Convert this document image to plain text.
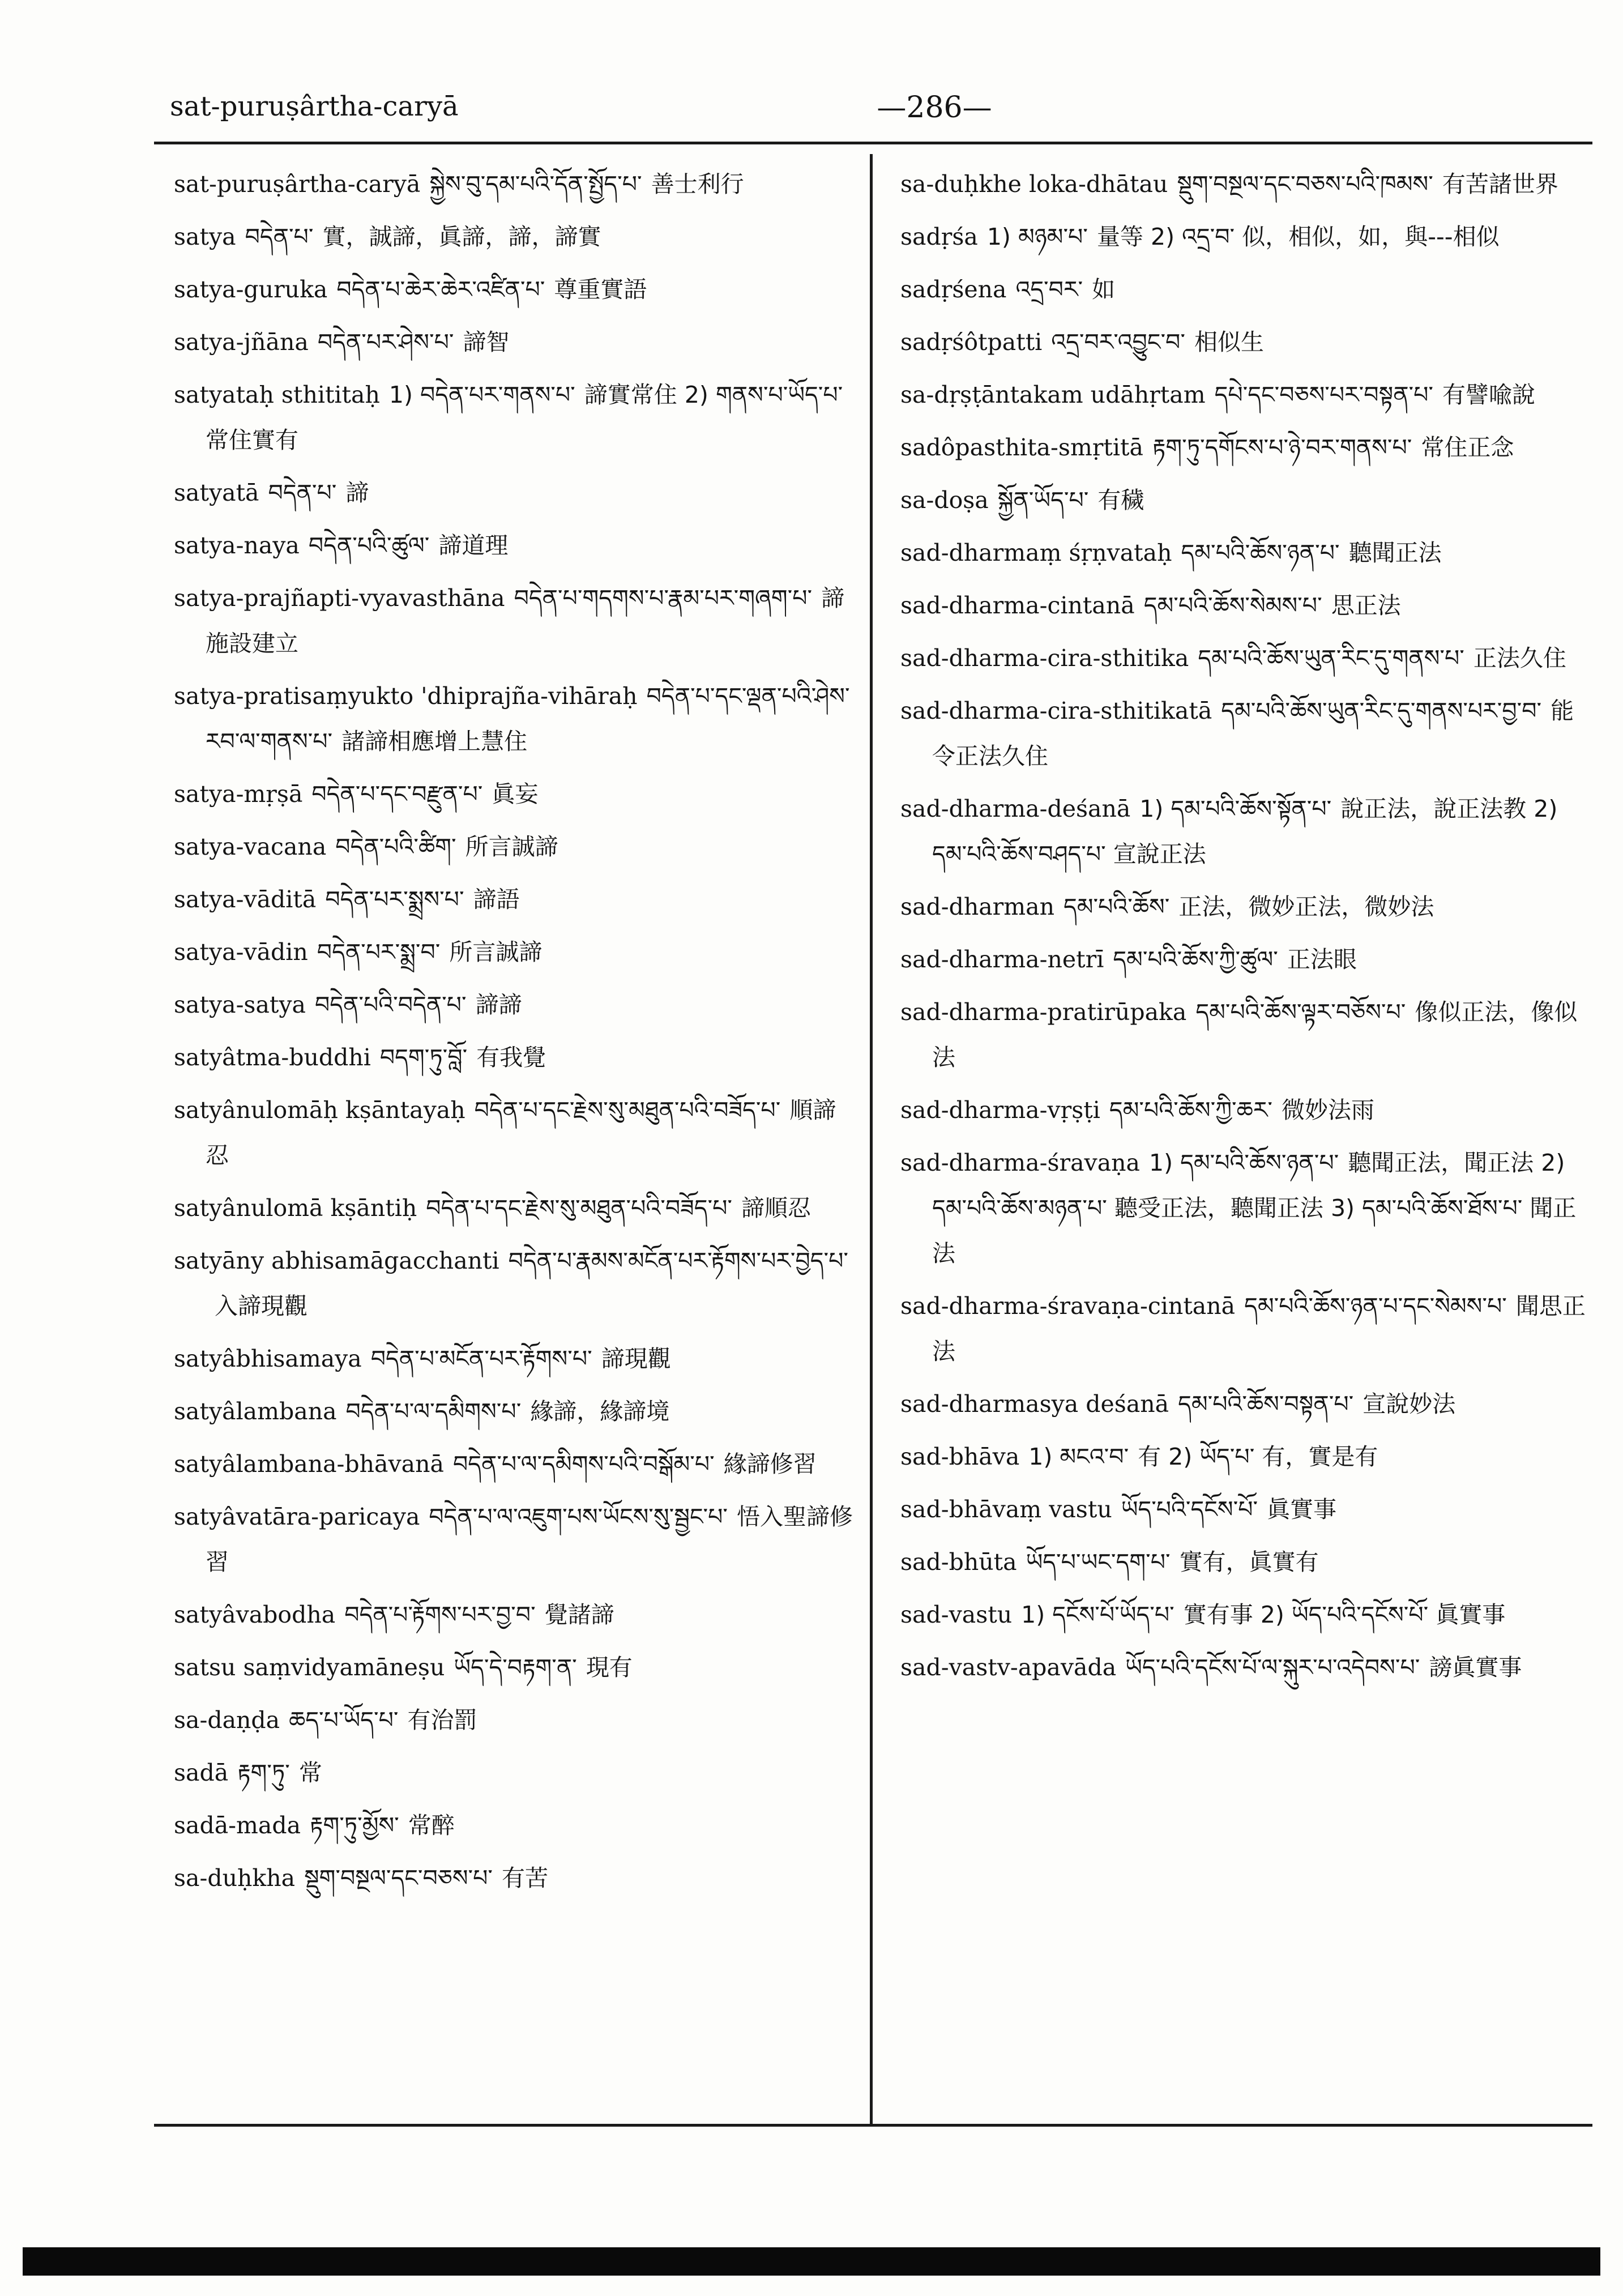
sat-puruṣârtha-caryā	—286—
sat-puruṣârtha-caryā སྐྱེས་བུ་དམ་པའི་དོན་སྤྱོད་པ་ 善士利行
satya བདེན་པ་ 實，誠諦，眞諦，諦，諦實
satya-guruka བདེན་པ་ཆེར་ཆེར་འཛིན་པ་ 尊重實語
satya-jñāna བདེན་པར་ཤེས་པ་ 諦智
satyataḥ sthititaḥ 1) བདེན་པར་གནས་པ་ 諦實常住 2) གནས་པ་ཡོད་པ་ 常住實有
satyatā བདེན་པ་ 諦
satya-naya བདེན་པའི་ཚུལ་ 諦道理
satya-prajñapti-vyavasthāna བདེན་པ་གདགས་པ་རྣམ་པར་གཞག་པ་ 諦施設建立
satya-pratisaṃyukto 'dhiprajña-vihāraḥ བདེན་པ་དང་ལྡན་པའི་ཤེས་རབ་ལ་གནས་པ་ 諸諦相應增上慧住
satya-mṛṣā བདེན་པ་དང་བརྫུན་པ་ 眞妄
satya-vacana བདེན་པའི་ཚིག་ 所言誠諦
satya-vāditā བདེན་པར་སྨྲས་པ་ 諦語
satya-vādin བདེན་པར་སྨྲ་བ་ 所言誠諦
satya-satya བདེན་པའི་བདེན་པ་ 諦諦
satyâtma-buddhi བདག་ཏུ་བློ་ 有我覺
satyânulomāḥ kṣāntayaḥ བདེན་པ་དང་རྗེས་སུ་མཐུན་པའི་བཟོད་པ་ 順諦忍
satyânulomā kṣāntiḥ བདེན་པ་དང་རྗེས་སུ་མཐུན་པའི་བཟོད་པ་ 諦順忍
satyāny abhisamāgacchanti བདེན་པ་རྣམས་མངོན་པར་རྟོགས་པར་བྱེད་པ་入諦現觀
satyâbhisamaya བདེན་པ་མངོན་པར་རྟོགས་པ་ 諦現觀
satyâlambana བདེན་པ་ལ་དམིགས་པ་ 緣諦，緣諦境
satyâlambana-bhāvanā བདེན་པ་ལ་དམིགས་པའི་བསྒོམ་པ་ 緣諦修習
satyâvatāra-paricaya བདེན་པ་ལ་འཇུག་པས་ཡོངས་སུ་སྦྱང་པ་ 悟入聖諦修習
satyâvabodha བདེན་པ་རྟོགས་པར་བྱ་བ་ 覺諸諦
satsu saṃvidyamāneṣu ཡོད་དེ་བརྟག་ན་ 現有
sa-daṇḍa ཆད་པ་ཡོད་པ་ 有治罰
sadā རྟག་ཏུ་ 常
sadā-mada རྟག་ཏུ་མྱོས་ 常醉
sa-duḥkha སྡུག་བསྔལ་དང་བཅས་པ་ 有苦
sa-duḥkhe loka-dhātau སྡུག་བསྔལ་དང་བཅས་པའི་ཁམས་ 有苦諸世界
sadṛśa 1) མཉམ་པ་ 量等 2) འདྲ་བ་ 似，相似，如，與---相似
sadṛśena འདྲ་བར་ 如
sadṛśôtpatti འདྲ་བར་འབྱུང་བ་ 相似生
sa-dṛṣṭāntakam udāhṛtam དཔེ་དང་བཅས་པར་བསྟན་པ་ 有譬喩說
sadôpasthita-smṛtitā རྟག་ཏུ་དགོངས་པ་ཉེ་བར་གནས་པ་ 常住正念
sa-doṣa སྐྱོན་ཡོད་པ་ 有穢
sad-dharmaṃ śṛṇvataḥ དམ་པའི་ཆོས་ཉན་པ་ 聽聞正法
sad-dharma-cintanā དམ་པའི་ཆོས་སེམས་པ་ 思正法
sad-dharma-cira-sthitika དམ་པའི་ཆོས་ཡུན་རིང་དུ་གནས་པ་ 正法久住
sad-dharma-cira-sthitikatā དམ་པའི་ཆོས་ཡུན་རིང་དུ་གནས་པར་བྱ་བ་ 能令正法久住
sad-dharma-deśanā 1) དམ་པའི་ཆོས་སྟོན་པ་ 說正法，說正法教 2) དམ་པའི་ཆོས་བཤད་པ་ 宣說正法
sad-dharman དམ་པའི་ཆོས་ 正法，微妙正法，微妙法
sad-dharma-netrī དམ་པའི་ཆོས་ཀྱི་ཚུལ་ 正法眼
sad-dharma-pratirūpaka དམ་པའི་ཆོས་ལྟར་བཅོས་པ་ 像似正法，像似法
sad-dharma-vṛṣṭi དམ་པའི་ཆོས་ཀྱི་ཆར་ 微妙法雨
sad-dharma-śravaṇa 1) དམ་པའི་ཆོས་ཉན་པ་ 聽聞正法，聞正法 2) དམ་པའི་ཆོས་མཉན་པ་ 聽受正法，聽聞正法 3) དམ་པའི་ཆོས་ཐོས་པ་ 聞正法
sad-dharma-śravaṇa-cintanā དམ་པའི་ཆོས་ཉན་པ་དང་སེམས་པ་ 聞思正法
sad-dharmasya deśanā དམ་པའི་ཆོས་བསྟན་པ་ 宣說妙法
sad-bhāva 1) མངའ་བ་ 有 2) ཡོད་པ་ 有，實是有
sad-bhāvaṃ vastu ཡོད་པའི་དངོས་པོ་ 眞實事
sad-bhūta ཡོད་པ་ཡང་དག་པ་ 實有，眞實有
sad-vastu 1) དངོས་པོ་ཡོད་པ་ 實有事 2) ཡོད་པའི་དངོས་པོ་ 眞實事
sad-vastv-apavāda ཡོད་པའི་དངོས་པོ་ལ་སྐུར་པ་འདེབས་པ་ 謗眞實事
